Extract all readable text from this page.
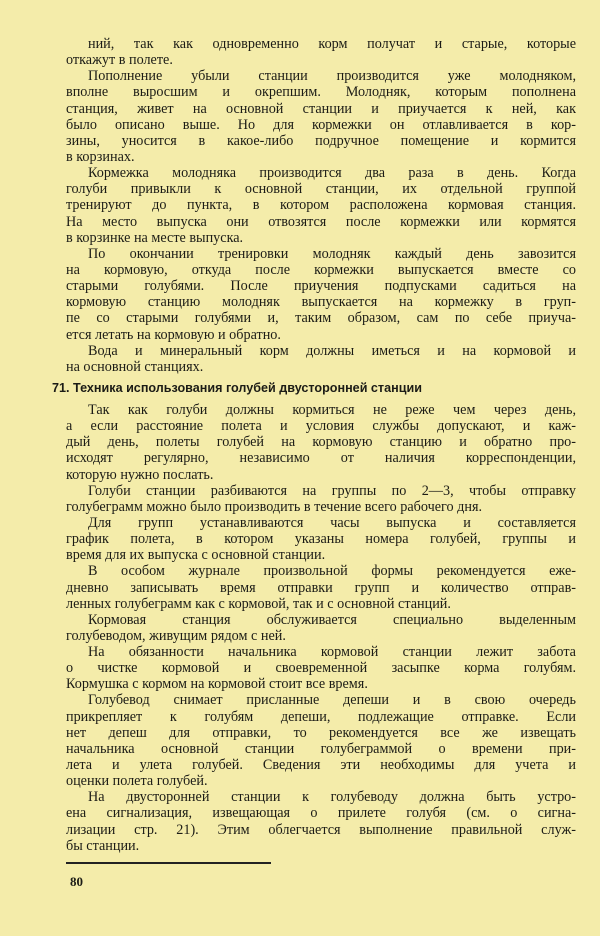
ний, так как одновременно корм получат и старые, которые
откажут в полете.
Пополнение убыли станции производится уже молодняком,
вполне выросшим и окрепшим. Молодняк, которым пополнена
станция, живет на основной станции и приучается к ней, как
было описано выше. Но для кормежки он отлавливается в кор-
зины, уносится в какое-либо подручное помещение и кормится
в корзинах.
Кормежка молодняка производится два раза в день. Когда
голуби привыкли к основной станции, их отдельной группой
тренируют до пункта, в котором расположена кормовая станция.
На место выпуска они отвозятся после кормежки или кормятся
в корзинке на месте выпуска.
По окончании тренировки молодняк каждый день завозится
на кормовую, откуда после кормежки выпускается вместе со
старыми голубями. После приучения подпусками садиться на
кормовую станцию молодняк выпускается на кормежку в груп-
пе со старыми голубями и, таким образом, сам по себе приуча-
ется летать на кормовую и обратно.
Вода и минеральный корм должны иметься и на кормовой и
на основной станциях.
71. Техника использования голубей двусторонней станции
Так как голуби должны кормиться не реже чем через день,
а если расстояние полета и условия службы допускают, и каж-
дый день, полеты голубей на кормовую станцию и обратно про-
исходят регулярно, независимо от наличия корреспонденции,
которую нужно послать.
Голуби станции разбиваются на группы по 2—3, чтобы отправку
голубеграмм можно было производить в течение всего рабочего дня.
Для групп устанавливаются часы выпуска и составляется
график полета, в котором указаны номера голубей, группы и
время для их выпуска с основной станции.
В особом журнале произвольной формы рекомендуется еже-
дневно записывать время отправки групп и количество отправ-
ленных голубеграмм как с кормовой, так и с основной станций.
Кормовая станция обслуживается специально выделенным
голубеводом, живущим рядом с ней.
На обязанности начальника кормовой станции лежит забота
о чистке кормовой и своевременной засыпке корма голубям.
Кормушка с кормом на кормовой стоит все время.
Голубевод снимает присланные депеши и в свою очередь
прикрепляет к голубям депеши, подлежащие отправке. Если
нет депеш для отправки, то рекомендуется все же извещать
начальника основной станции голубеграммой о времени при-
лета и улета голубей. Сведения эти необходимы для учета и
оценки полета голубей.
На двусторонней станции к голубеводу должна быть устро-
ена сигнализация, извещающая о прилете голубя (см. о сигна-
лизации стр. 21). Этим облегчается выполнение правильной служ-
бы станции.
80
